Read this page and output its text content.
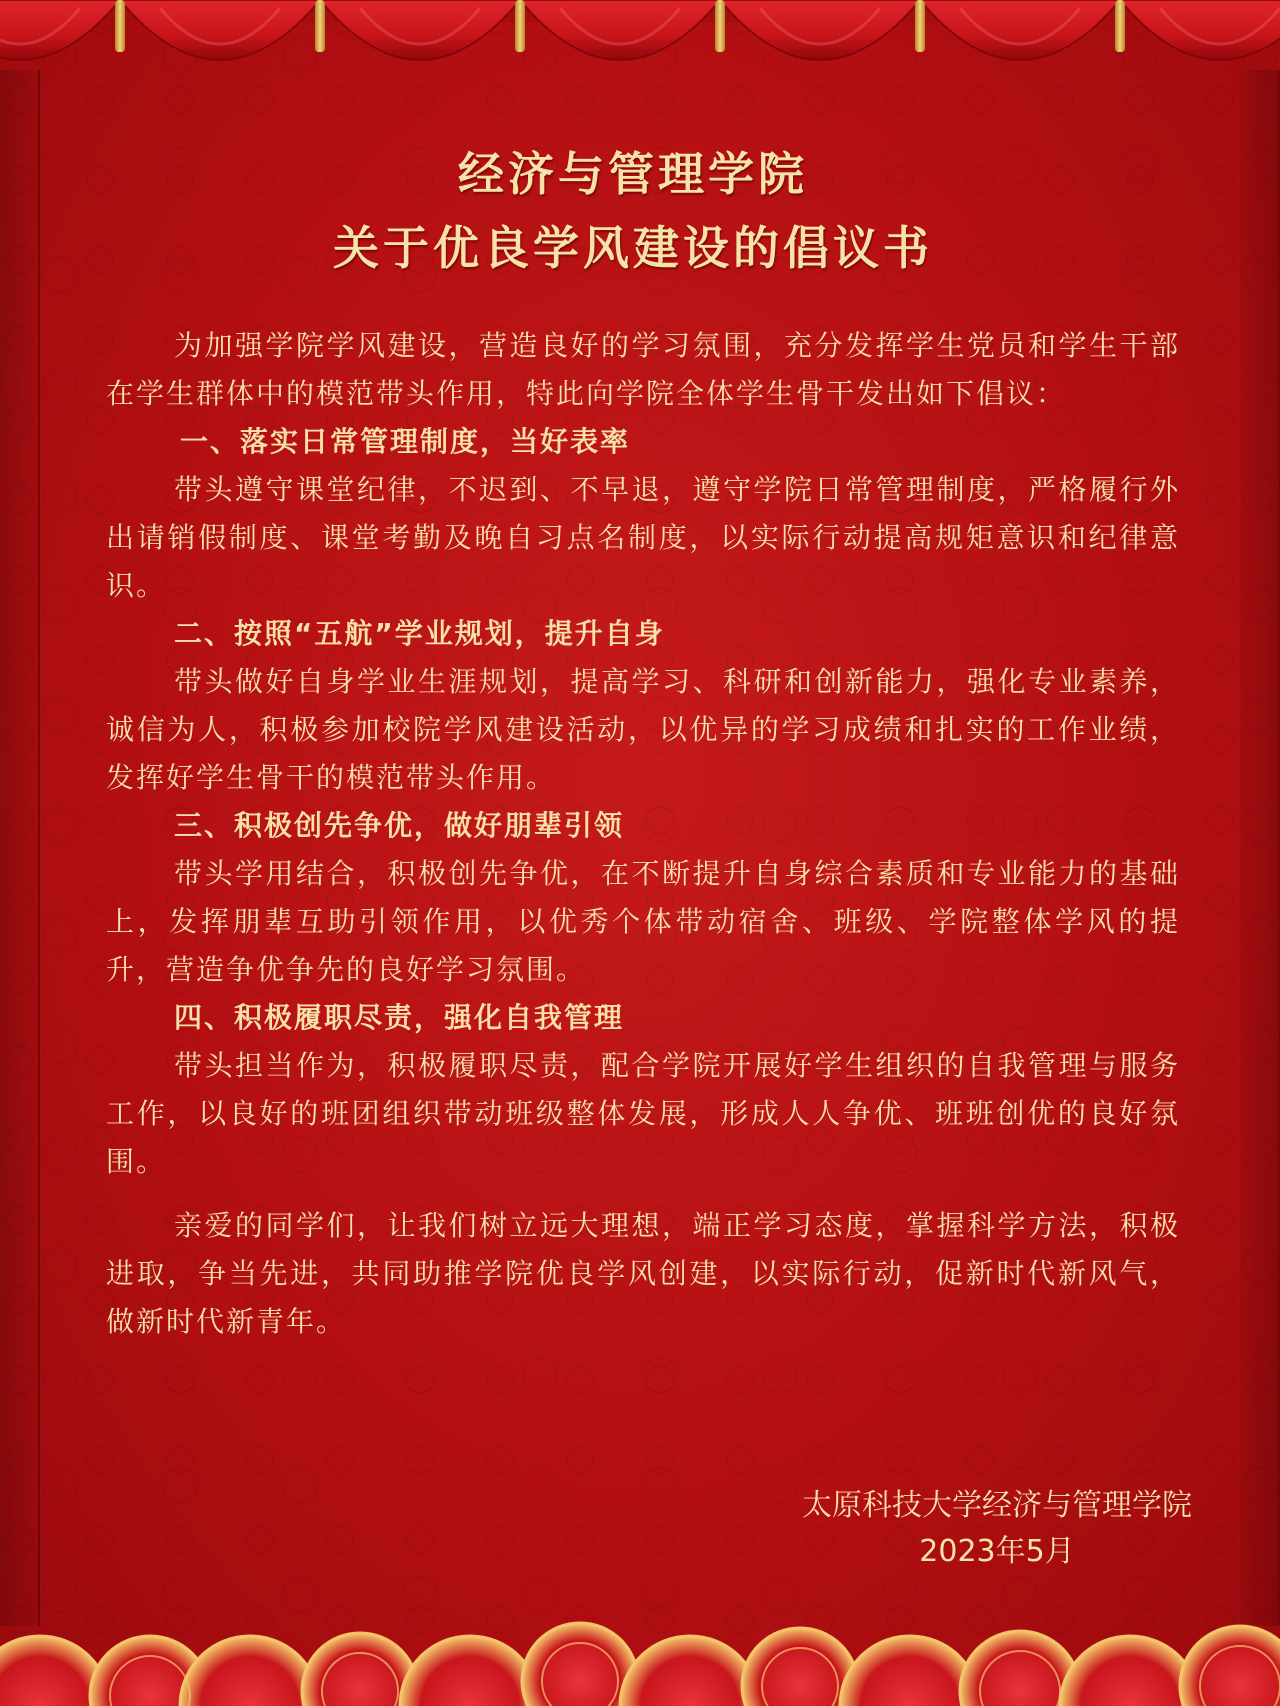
经济与管理学院
关于优良学风建设的倡议书
为加强学院学风建设，营造良好的学习氛围，充分发挥学生党员和学生干部在学生群体中的模范带头作用，特此向学院全体学生骨干发出如下倡议：
一、落实日常管理制度，当好表率
带头遵守课堂纪律，不迟到、不早退，遵守学院日常管理制度，严格履行外出请销假制度、课堂考勤及晚自习点名制度，以实际行动提高规矩意识和纪律意识。
二、按照“五航”学业规划，提升自身
带头做好自身学业生涯规划，提高学习、科研和创新能力，强化专业素养，诚信为人，积极参加校院学风建设活动，以优异的学习成绩和扎实的工作业绩，发挥好学生骨干的模范带头作用。
三、积极创先争优，做好朋辈引领
带头学用结合，积极创先争优，在不断提升自身综合素质和专业能力的基础上，发挥朋辈互助引领作用，以优秀个体带动宿舍、班级、学院整体学风的提升，营造争优争先的良好学习氛围。
四、积极履职尽责，强化自我管理
带头担当作为，积极履职尽责，配合学院开展好学生组织的自我管理与服务工作，以良好的班团组织带动班级整体发展，形成人人争优、班班创优的良好氛围。
亲爱的同学们，让我们树立远大理想，端正学习态度，掌握科学方法，积极进取，争当先进，共同助推学院优良学风创建，以实际行动，促新时代新风气，做新时代新青年。
太原科技大学经济与管理学院
2023年5月
